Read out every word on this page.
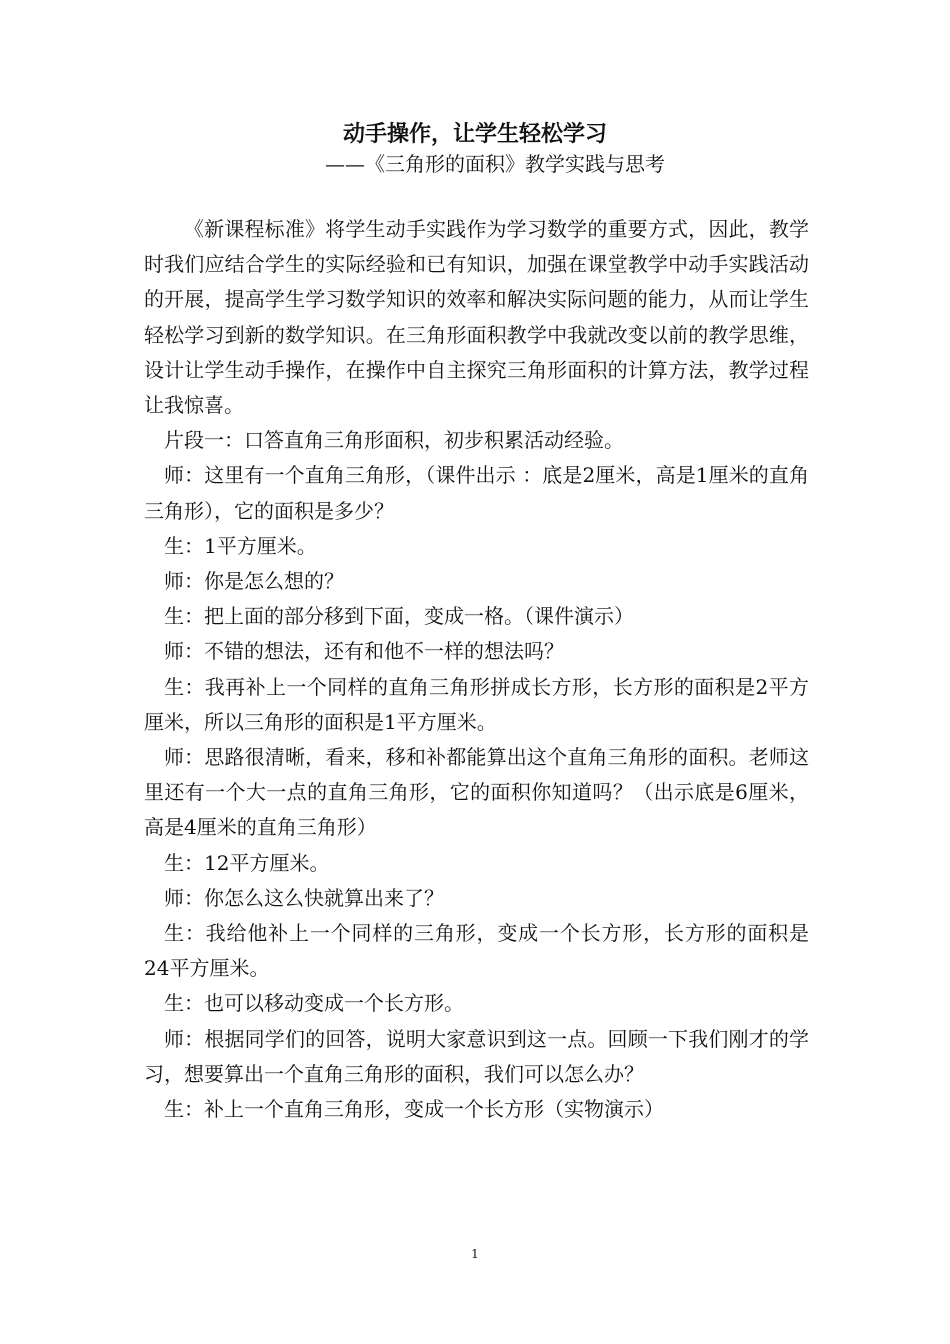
动手操作，让学生轻松学习
——《三角形的面积》教学实践与思考

《新课程标准》将学生动手实践作为学习数学的重要方式，因此，教学时我们应结合学生的实际经验和已有知识，加强在课堂教学中动手实践活动的开展，提高学生学习数学知识的效率和解决实际问题的能力，从而让学生轻松学习到新的数学知识。在三角形面积教学中我就改变以前的教学思维，设计让学生动手操作，在操作中自主探究三角形面积的计算方法，教学过程让我惊喜。

片段一：口答直角三角形面积，初步积累活动经验。

师：这里有一个直角三角形，（课件出示 ：底是2厘米，高是1厘米的直角三角形），它的面积是多少？

生：1平方厘米。

师：你是怎么想的？

生：把上面的部分移到下面，变成一格。（课件演示）

师：不错的想法，还有和他不一样的想法吗？

生：我再补上一个同样的直角三角形拼成长方形，长方形的面积是2平方厘米，所以三角形的面积是1平方厘米。

师：思路很清晰，看来，移和补都能算出这个直角三角形的面积。老师这里还有一个大一点的直角三角形，它的面积你知道吗？（出示底是6厘米，高是4厘米的直角三角形）

生：12平方厘米。

师：你怎么这么快就算出来了？

生：我给他补上一个同样的三角形，变成一个长方形，长方形的面积是24平方厘米。

生：也可以移动变成一个长方形。

师：根据同学们的回答，说明大家意识到这一点。回顾一下我们刚才的学习，想要算出一个直角三角形的面积，我们可以怎么办？

生：补上一个直角三角形，变成一个长方形（实物演示）

1
